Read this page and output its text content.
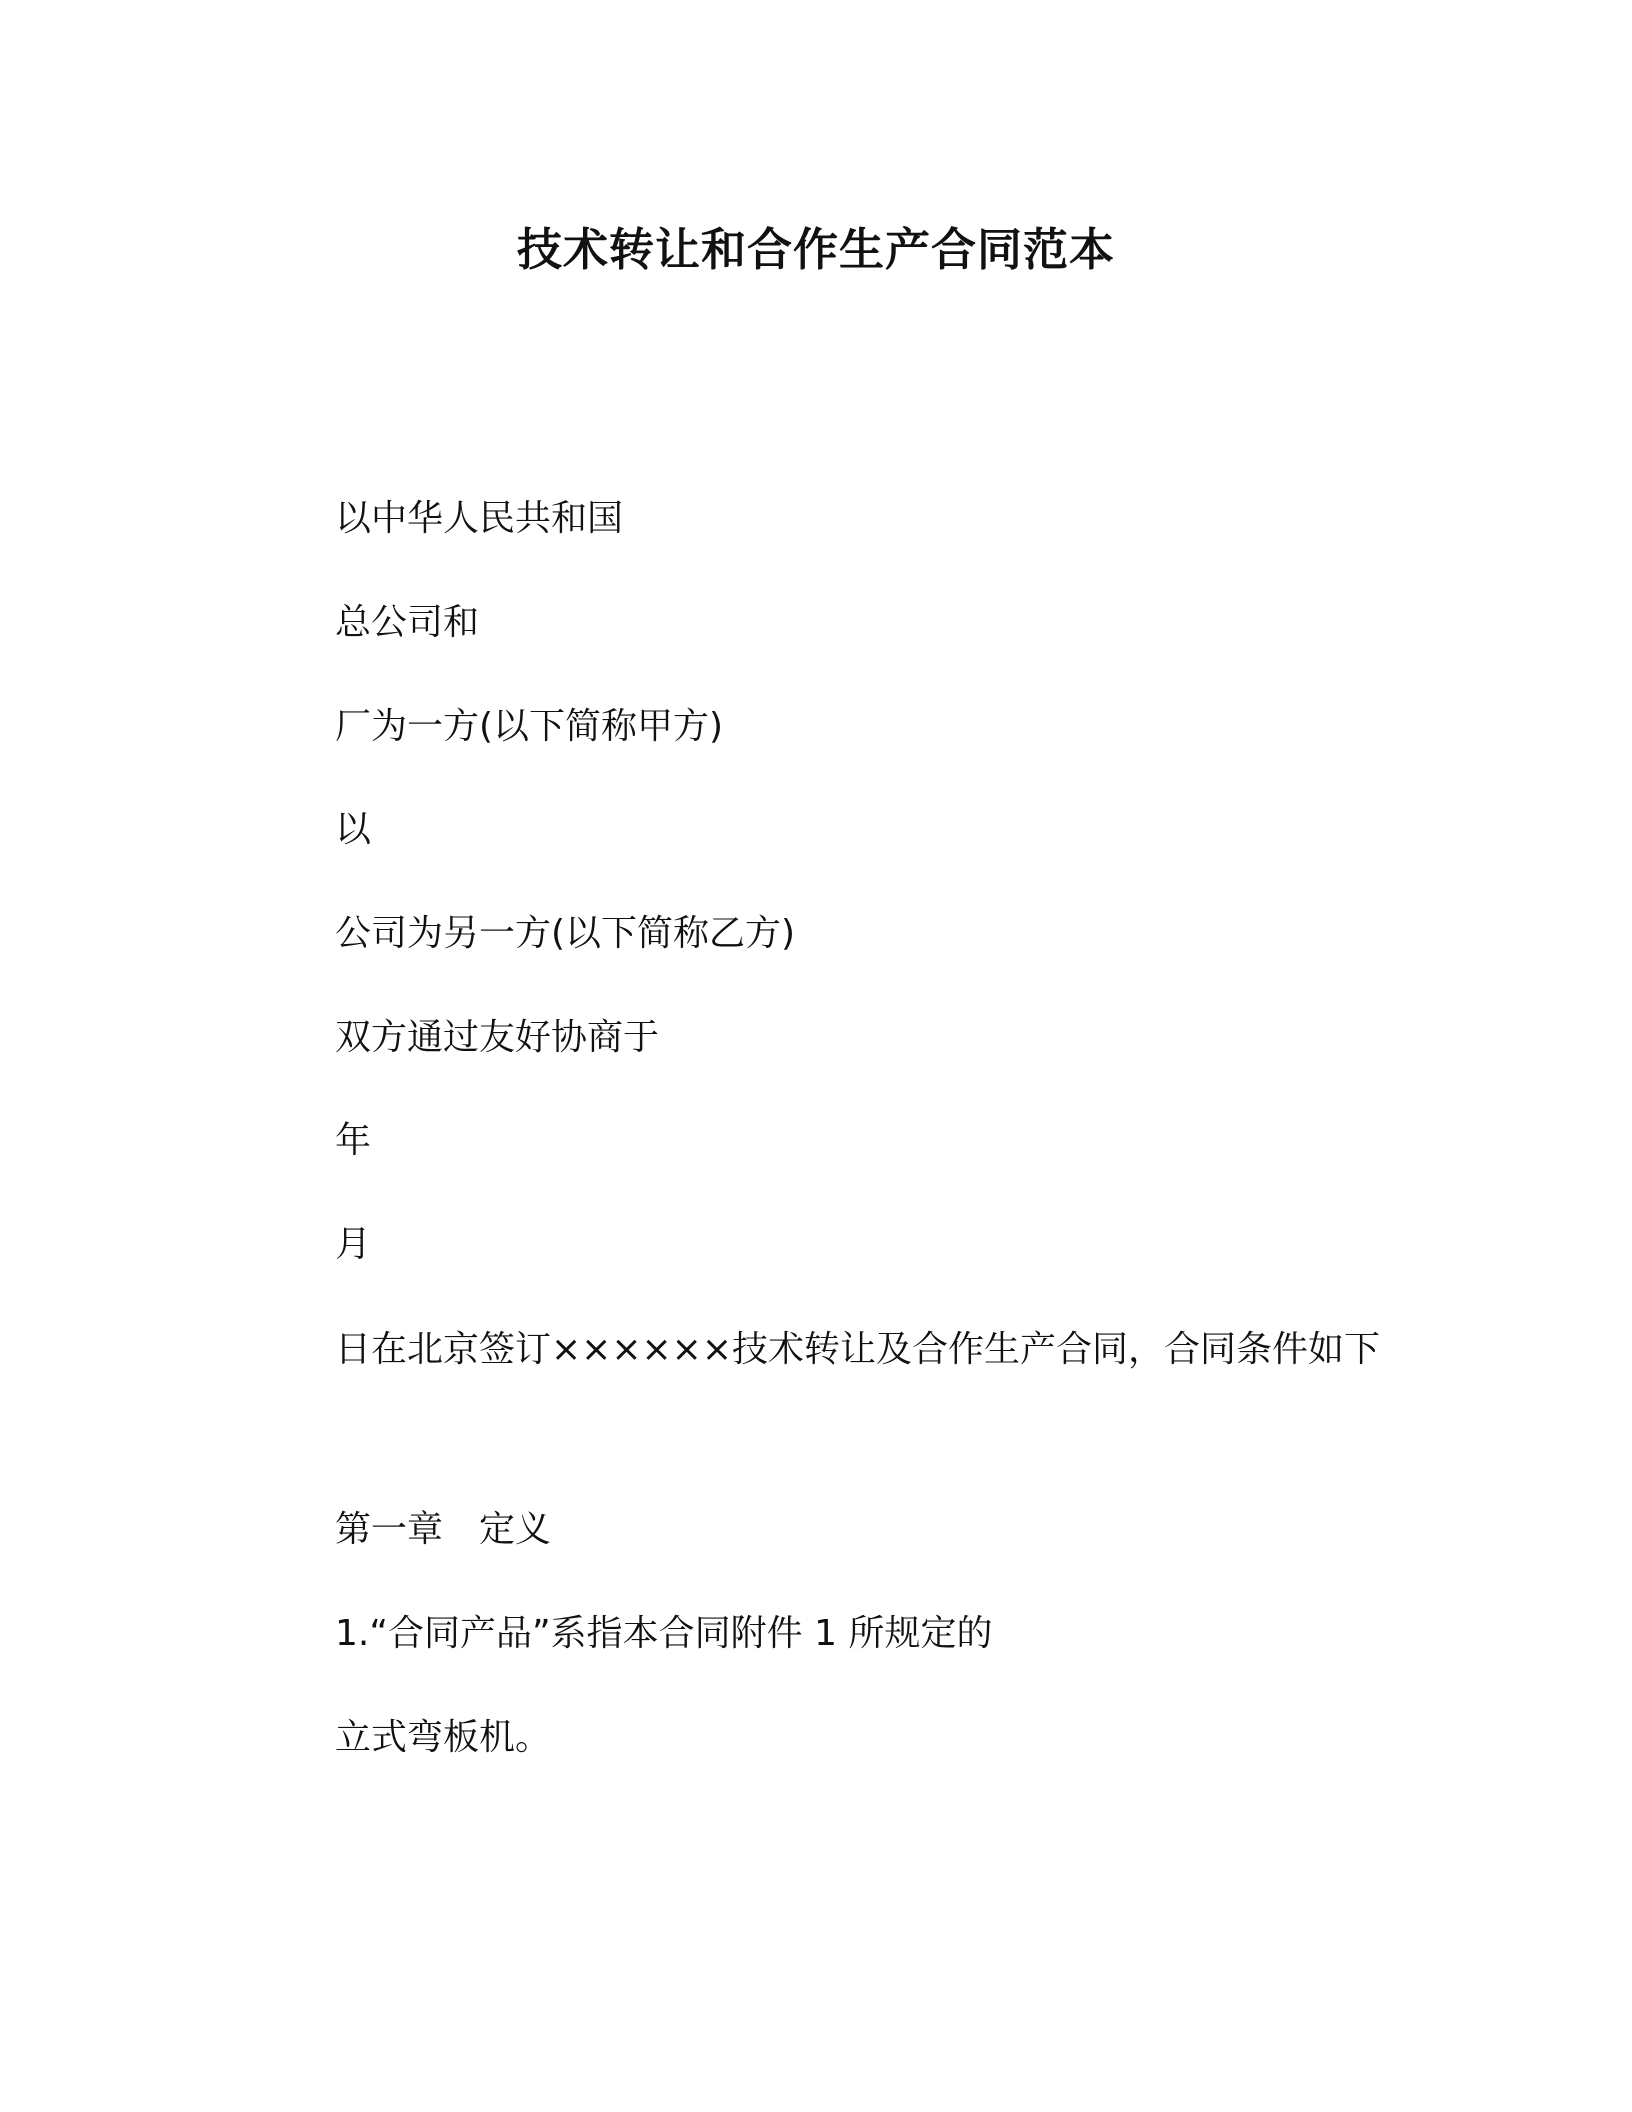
技术转让和合作生产合同范本

以中华人民共和国

总公司和

厂为一方(以下简称甲方)

以

公司为另一方(以下简称乙方)

双方通过友好协商于

年

月

日在北京签订××××××技术转让及合作生产合同，合同条件如下

第一章　定义

1.“合同产品”系指本合同附件 1 所规定的

立式弯板机。
